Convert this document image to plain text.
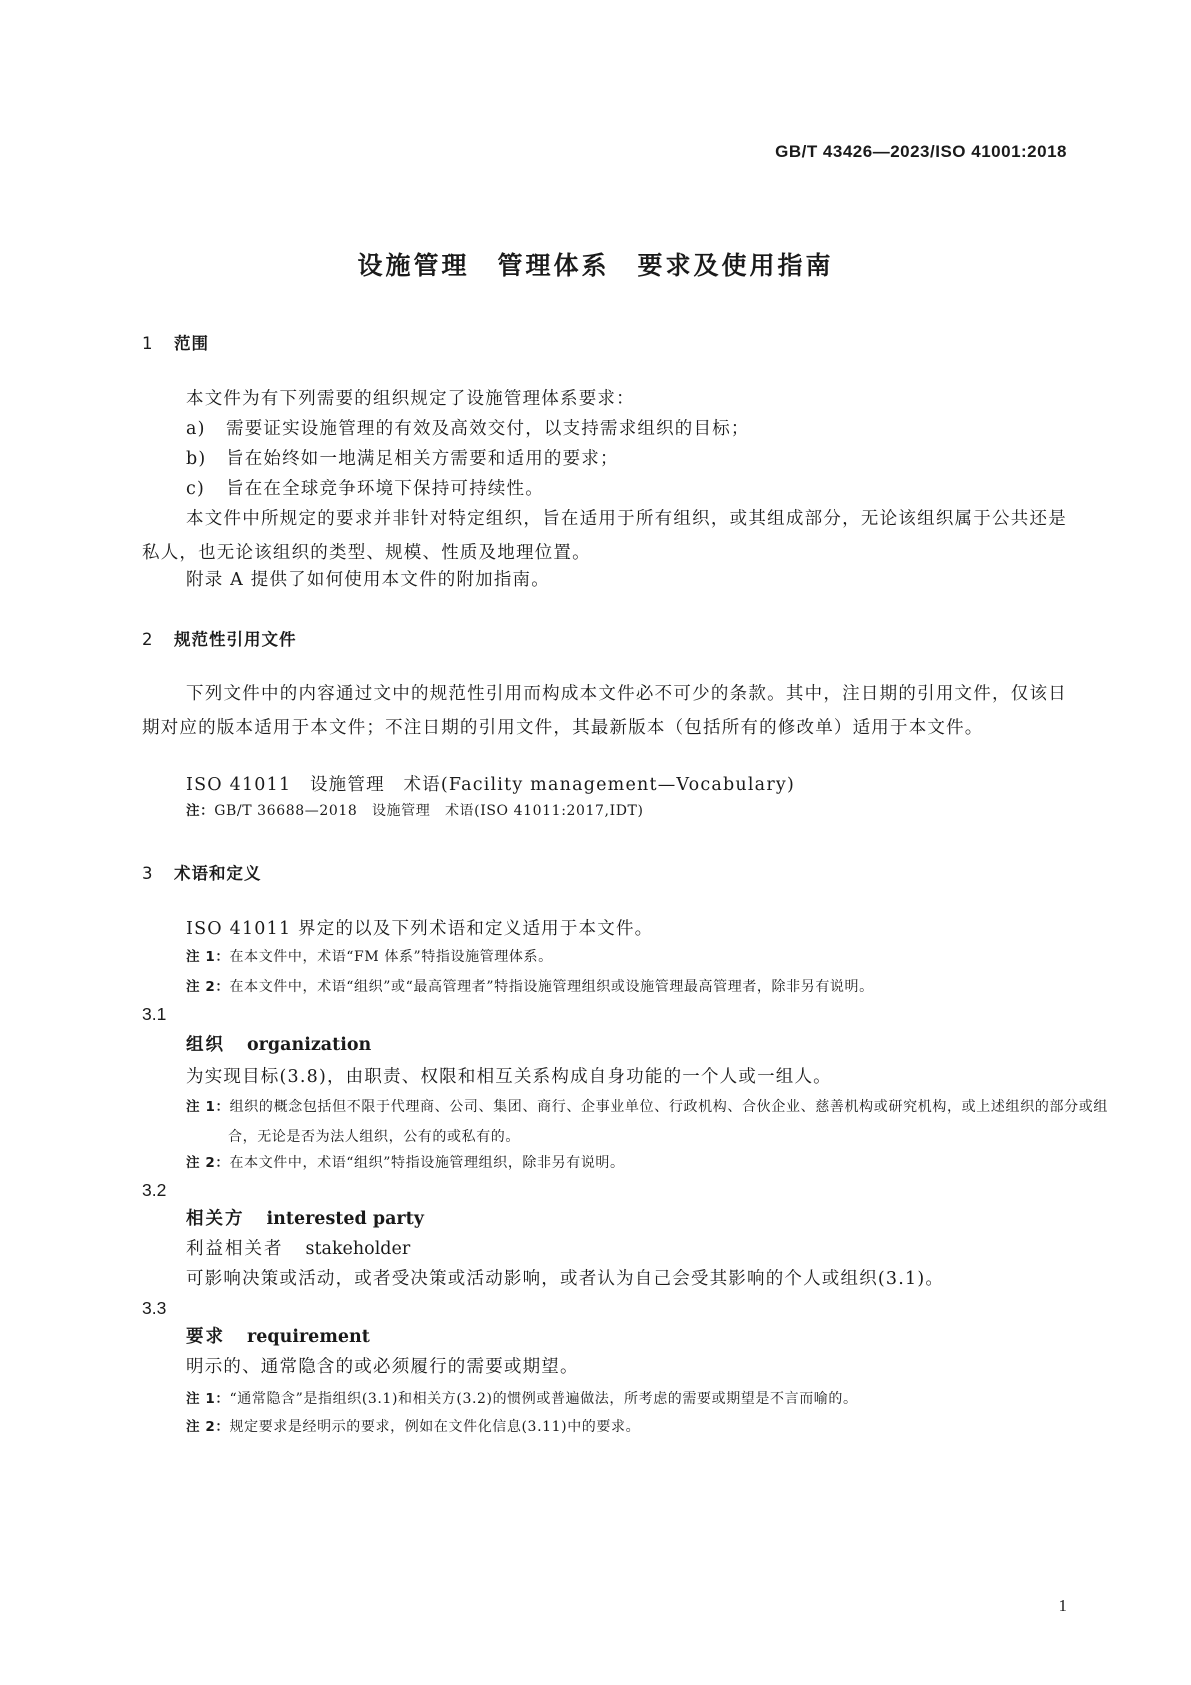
GB/T 43426—2023/ISO 41001:2018
设施管理　管理体系　要求及使用指南
1 范围
本文件为有下列需要的组织规定了设施管理体系要求：
a) 需要证实设施管理的有效及高效交付，以支持需求组织的目标；
b) 旨在始终如一地满足相关方需要和适用的要求；
c) 旨在在全球竞争环境下保持可持续性。
本文件中所规定的要求并非针对特定组织，旨在适用于所有组织，或其组成部分，无论该组织属于公共还是私人，也无论该组织的类型、规模、性质及地理位置。
附录 A 提供了如何使用本文件的附加指南。
2 规范性引用文件
下列文件中的内容通过文中的规范性引用而构成本文件必不可少的条款。其中，注日期的引用文件，仅该日期对应的版本适用于本文件；不注日期的引用文件，其最新版本（包括所有的修改单）适用于本文件。
ISO 41011　设施管理　术语(Facility management—Vocabulary)
注：GB/T 36688—2018　设施管理　术语(ISO 41011:2017,IDT)
3 术语和定义
ISO 41011 界定的以及下列术语和定义适用于本文件。
注 1：在本文件中，术语“FM 体系”特指设施管理体系。
注 2：在本文件中，术语“组织”或“最高管理者”特指设施管理组织或设施管理最高管理者，除非另有说明。
3.1
组织 organization
为实现目标(3.8)，由职责、权限和相互关系构成自身功能的一个人或一组人。
注 1：组织的概念包括但不限于代理商、公司、集团、商行、企事业单位、行政机构、合伙企业、慈善机构或研究机构，或上述组织的部分或组合，无论是否为法人组织，公有的或私有的。
注 2：在本文件中，术语“组织”特指设施管理组织，除非另有说明。
3.2
相关方 interested party
利益相关者 stakeholder
可影响决策或活动，或者受决策或活动影响，或者认为自己会受其影响的个人或组织(3.1)。
3.3
要求 requirement
明示的、通常隐含的或必须履行的需要或期望。
注 1：“通常隐含”是指组织(3.1)和相关方(3.2)的惯例或普遍做法，所考虑的需要或期望是不言而喻的。
注 2：规定要求是经明示的要求，例如在文件化信息(3.11)中的要求。
1
